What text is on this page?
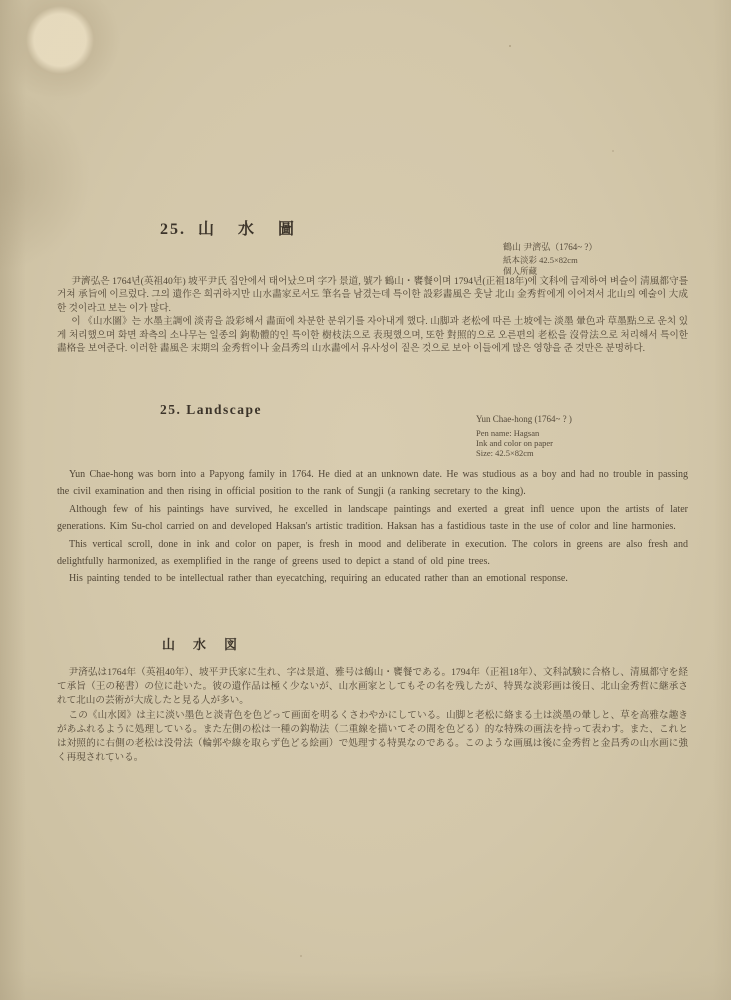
25. 山 水 圖
鶴山 尹濟弘（1764~ ?）
紙本淡彩 42.5×82cm
個人所藏

尹濟弘은 1764년(英祖40年) 坡平尹氏 집안에서 태어났으며 字가 景道, 號가 鶴山・饔餐이며 1794년(正祖18年)에 文科에 급제하여 벼슬이 淸風都守를 거쳐 承旨에 이르렀다. 그의 遺作은 희귀하지만 山水畵家로서도 筆名을 남겼는데 특이한 設彩畵風은 훗날 北山 金秀哲에게 이어져서 北山의 예술이 大成한 것이라고 보는 이가 많다.

이 《山水圖》는 水墨主調에 淡靑을 設彩해서 畵面에 차분한 분위기를 자아내게 했다. 山脚과 老松에 따른 土坡에는 淡墨 暈色과 草墨點으로 운치 있게 처리했으며 화면 좌측의 소나무는 일종의 鉤勒體的인 특이한 樹枝法으로 表現했으며, 또한 對照的으로 오른편의 老松을 沒骨法으로 처리해서 특이한 畵格을 보여준다. 이러한 畵風은 末期의 金秀哲이나 金昌秀의 山水畵에서 유사성이 짙은 것으로 보아 이들에게 많은 영향을 준 것만은 분명하다.

25. Landscape
Yun Chae-hong (1764~ ? )
Pen name: Hagsan
Ink and color on paper
Size: 42.5×82cm

Yun Chae-hong was born into a Papyong family in 1764. He died at an unknown date. He was studious as a boy and had no trouble in passing the civil examination and then rising in official position to the rank of Sungji (a ranking secretary to the king).

Although few of his paintings have survived, he excelled in landscape paintings and exerted a great infl uence upon the artists of later generations. Kim Su-chol carried on and developed Haksan's artistic tradition. Haksan has a fastidious taste in the use of color and line harmonies.

This vertical scroll, done in ink and color on paper, is fresh in mood and deliberate in execution. The colors in greens are also fresh and delightfully harmonized, as exemplified in the range of greens used to depict a stand of old pine trees.

His painting tended to be intellectual rather than eyecatching, requiring an educated rather than an emotional response.

山水図

尹済弘は1764年（英祖40年）、坡平尹氏家に生れ、字は景道、雅号は鶴山・饔餐である。1794年（正祖18年）、文科試験に合格し、清風都守を経て承旨（王の秘書）の位に赴いた。彼の遺作品は極く少ないが、山水画家としてもその名を残したが、特異な淡彩画は後日、北山金秀哲に継承されて北山の芸術が大成したと見る人が多い。

この《山水図》は主に淡い墨色と淡青色を色どって画面を明るくさわやかにしている。山脚と老松に絡まる土は淡墨の暈しと、草を高雅な趣きがあふれるように処理している。また左側の松は一種の鈎勒法（二重線を描いてその間を色どる）的な特殊の画法を持って表わす。また、これとは対照的に右側の老松は没骨法（輪郭や線を取らず色どる絵画）で処理する特異なのである。このような画風は後に金秀哲と金昌秀の山水画に強く再現されている。
